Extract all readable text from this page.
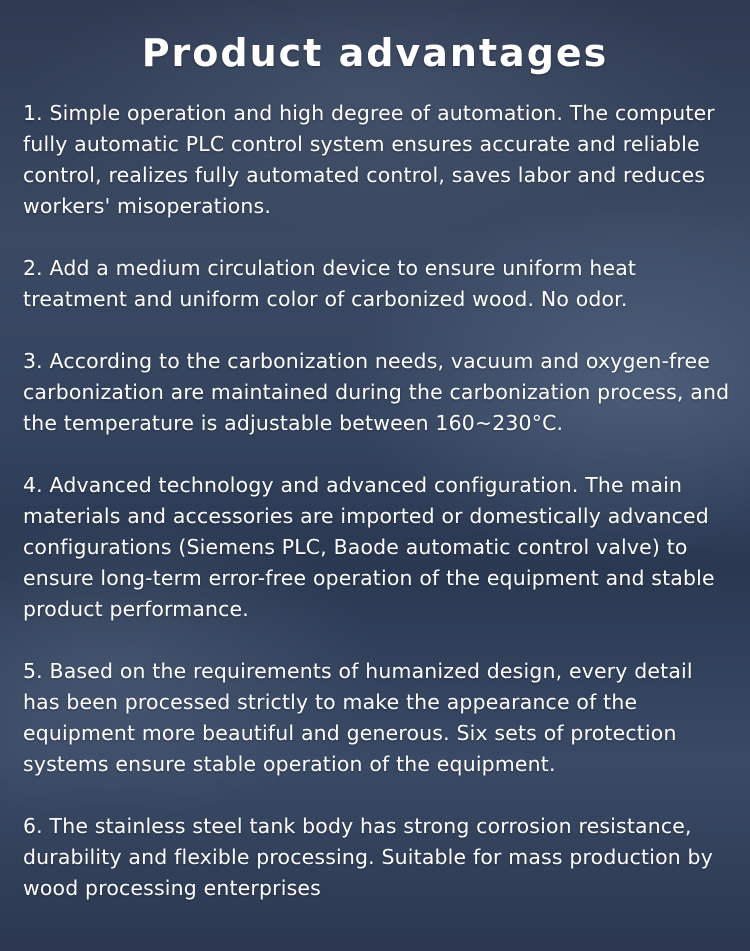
Product advantages

1. Simple operation and high degree of automation. The computer fully automatic PLC control system ensures accurate and reliable control, realizes fully automated control, saves labor and reduces workers' misoperations.

2. Add a medium circulation device to ensure uniform heat treatment and uniform color of carbonized wood. No odor.

3. According to the carbonization needs, vacuum and oxygen-free carbonization are maintained during the carbonization process, and the temperature is adjustable between 160~230°C.

4. Advanced technology and advanced configuration. The main materials and accessories are imported or domestically advanced configurations (Siemens PLC, Baode automatic control valve) to ensure long-term error-free operation of the equipment and stable product performance.

5. Based on the requirements of humanized design, every detail has been processed strictly to make the appearance of the equipment more beautiful and generous. Six sets of protection systems ensure stable operation of the equipment.

6. The stainless steel tank body has strong corrosion resistance, durability and flexible processing. Suitable for mass production by wood processing enterprises
